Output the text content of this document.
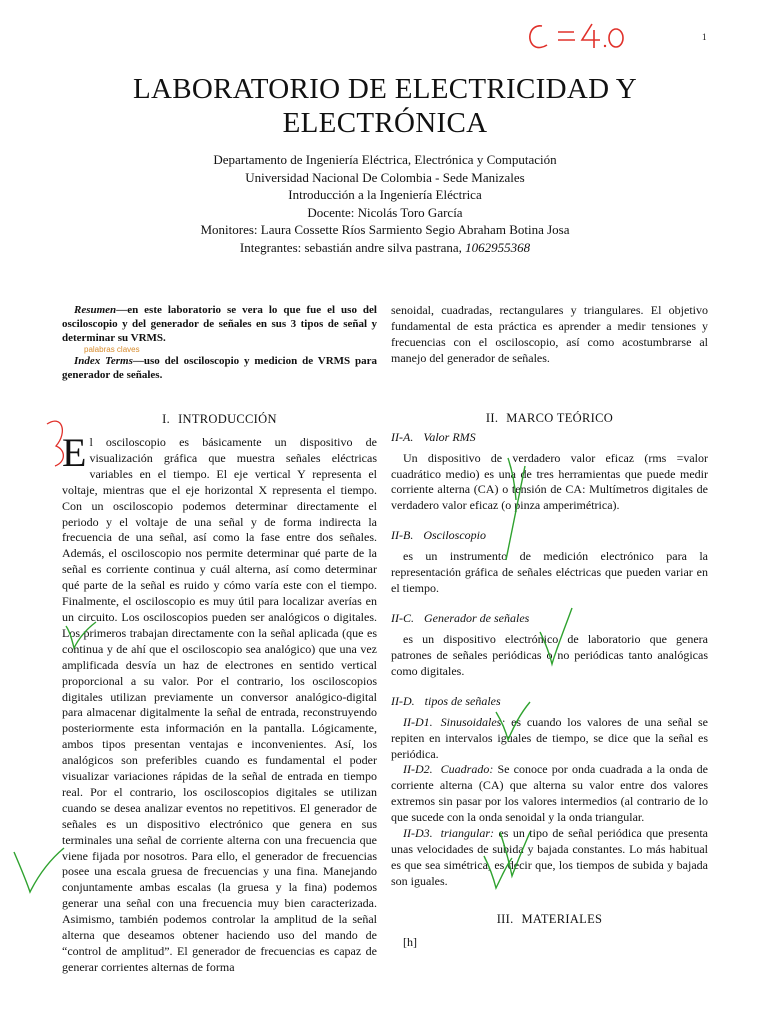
1
LABORATORIO DE ELECTRICIDAD Y ELECTRÓNICA
Departamento de Ingeniería Eléctrica, Electrónica y Computación
Universidad Nacional De Colombia - Sede Manizales
Introducción a la Ingeniería Eléctrica
Docente: Nicolás Toro García
Monitores: Laura Cossette Ríos Sarmiento Segio Abraham Botina Josa
Integrantes: sebastián andre silva pastrana, 1062955368

Resumen—en este laboratorio se vera lo que fue el uso del osciloscopio y del generador de señales en sus 3 tipos de señal y determinar su VRMS.

palabras claves

Index Terms—uso del osciloscopio y medicion de VRMS para generador de señales.

I. INTRODUCCIÓN
El osciloscopio es básicamente un dispositivo de visualización gráfica que muestra señales eléctricas variables en el tiempo. El eje vertical Y representa el voltaje, mientras que el eje horizontal X representa el tiempo. Con un osciloscopio podemos determinar directamente el periodo y el voltaje de una señal y de forma indirecta la frecuencia de una señal, así como la fase entre dos señales. Además, el osciloscopio nos permite determinar qué parte de la señal es corriente continua y cuál alterna, así como determinar qué parte de la señal es ruido y cómo varía este con el tiempo. Finalmente, el osciloscopio es muy útil para localizar averías en un circuito. Los osciloscopios pueden ser analógicos o digitales. Los primeros trabajan directamente con la señal aplicada (que es continua y de ahí que el osciloscopio sea analógico) que una vez amplificada desvía un haz de electrones en sentido vertical proporcional a su valor. Por el contrario, los osciloscopios digitales utilizan previamente un conversor analógico-digital para almacenar digitalmente la señal de entrada, reconstruyendo posteriormente esta información en la pantalla. Lógicamente, ambos tipos presentan ventajas e inconvenientes. Así, los analógicos son preferibles cuando es fundamental el poder visualizar variaciones rápidas de la señal de entrada en tiempo real. Por el contrario, los osciloscopios digitales se utilizan cuando se desea analizar eventos no repetitivos. El generador de señales es un dispositivo electrónico que genera en sus terminales una señal de corriente alterna con una frecuencia que viene fijada por nosotros. Para ello, el generador de frecuencias posee una escala gruesa de frecuencias y una fina. Manejando conjuntamente ambas escalas (la gruesa y la fina) podemos generar una señal con una frecuencia muy bien caracterizada. Asimismo, también podemos controlar la amplitud de la señal alterna que deseamos obtener haciendo uso del mando de “control de amplitud”. El generador de frecuencias es capaz de generar corrientes alternas de forma

senoidal, cuadradas, rectangulares y triangulares. El objetivo fundamental de esta práctica es aprender a medir tensiones y frecuencias con el osciloscopio, así como acostumbrarse al manejo del generador de señales.

II. MARCO TEÓRICO
II-A. Valor RMS

Un dispositivo de verdadero valor eficaz (rms =valor cuadrático medio) es una de tres herramientas que puede medir corriente alterna (CA) o tensión de CA: Multímetros digitales de verdadero valor eficaz (o pinza amperimétrica).

II-B. Osciloscopio

es un instrumento de medición electrónico para la representación gráfica de señales eléctricas que pueden variar en el tiempo.

II-C. Generador de señales

es un dispositivo electrónico de laboratorio que genera patrones de señales periódicas o no periódicas tanto analógicas como digitales.

II-D. tipos de señales

II-D1. Sinusoidales: es cuando los valores de una señal se repiten en intervalos iguales de tiempo, se dice que la señal es periódica.

II-D2. Cuadrado: Se conoce por onda cuadrada a la onda de corriente alterna (CA) que alterna su valor entre dos valores extremos sin pasar por los valores intermedios (al contrario de lo que sucede con la onda senoidal y la onda triangular.

II-D3. triangular: es un tipo de señal periódica que presenta unas velocidades de subida y bajada constantes. Lo más habitual es que sea simétrica, es decir que, los tiempos de subida y bajada son iguales.

III. MATERIALES

[h]
